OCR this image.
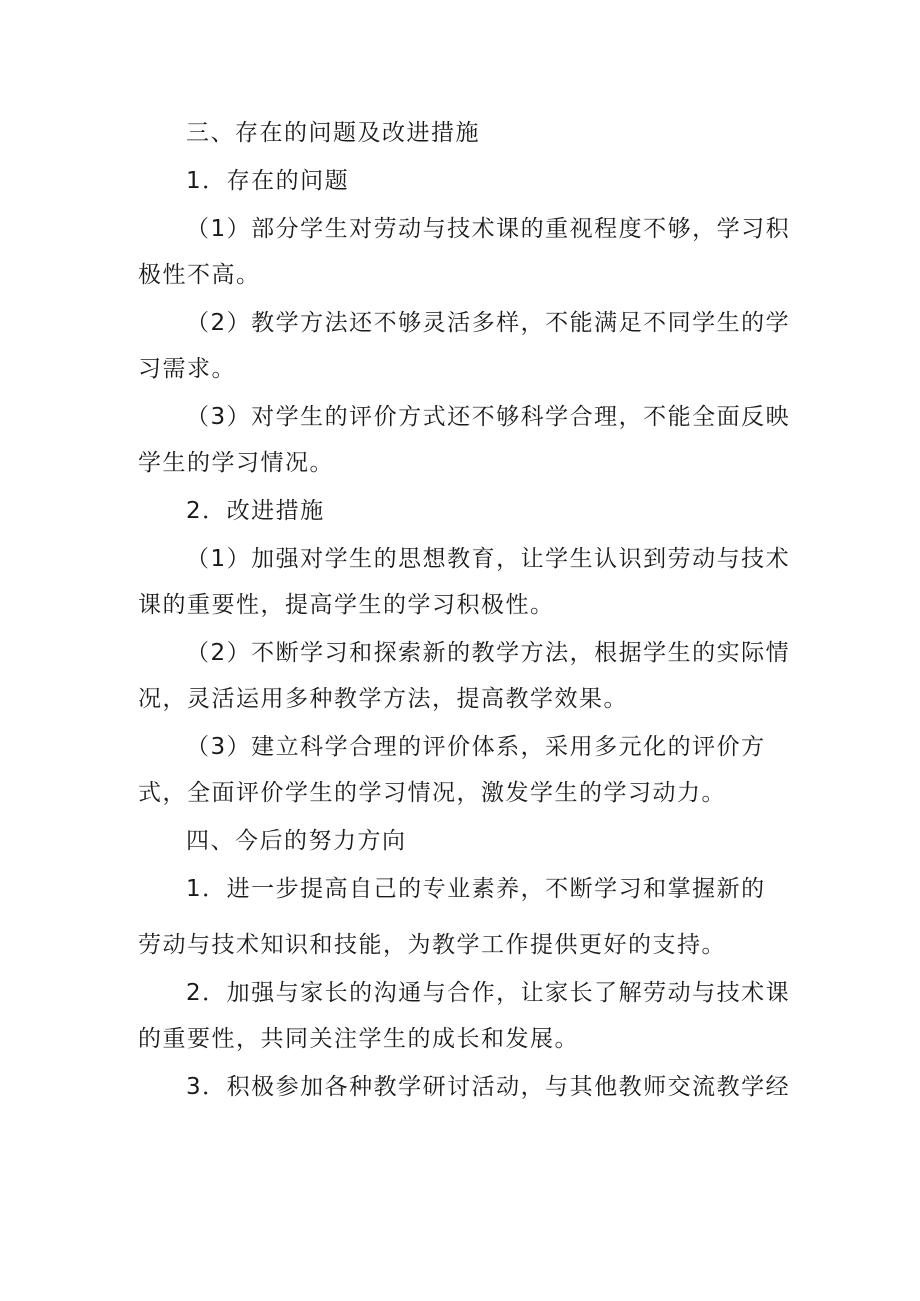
三、存在的问题及改进措施

1．存在的问题

（1）部分学生对劳动与技术课的重视程度不够，学习积极性不高。

（2）教学方法还不够灵活多样，不能满足不同学生的学习需求。

（3）对学生的评价方式还不够科学合理，不能全面反映学生的学习情况。

2．改进措施

（1）加强对学生的思想教育，让学生认识到劳动与技术课的重要性，提高学生的学习积极性。

（2）不断学习和探索新的教学方法，根据学生的实际情况，灵活运用多种教学方法，提高教学效果。

（3）建立科学合理的评价体系，采用多元化的评价方式，全面评价学生的学习情况，激发学生的学习动力。

四、今后的努力方向

1．进一步提高自己的专业素养，不断学习和掌握新的

劳动与技术知识和技能，为教学工作提供更好的支持。

2．加强与家长的沟通与合作，让家长了解劳动与技术课的重要性，共同关注学生的成长和发展。

3．积极参加各种教学研讨活动，与其他教师交流教学经
